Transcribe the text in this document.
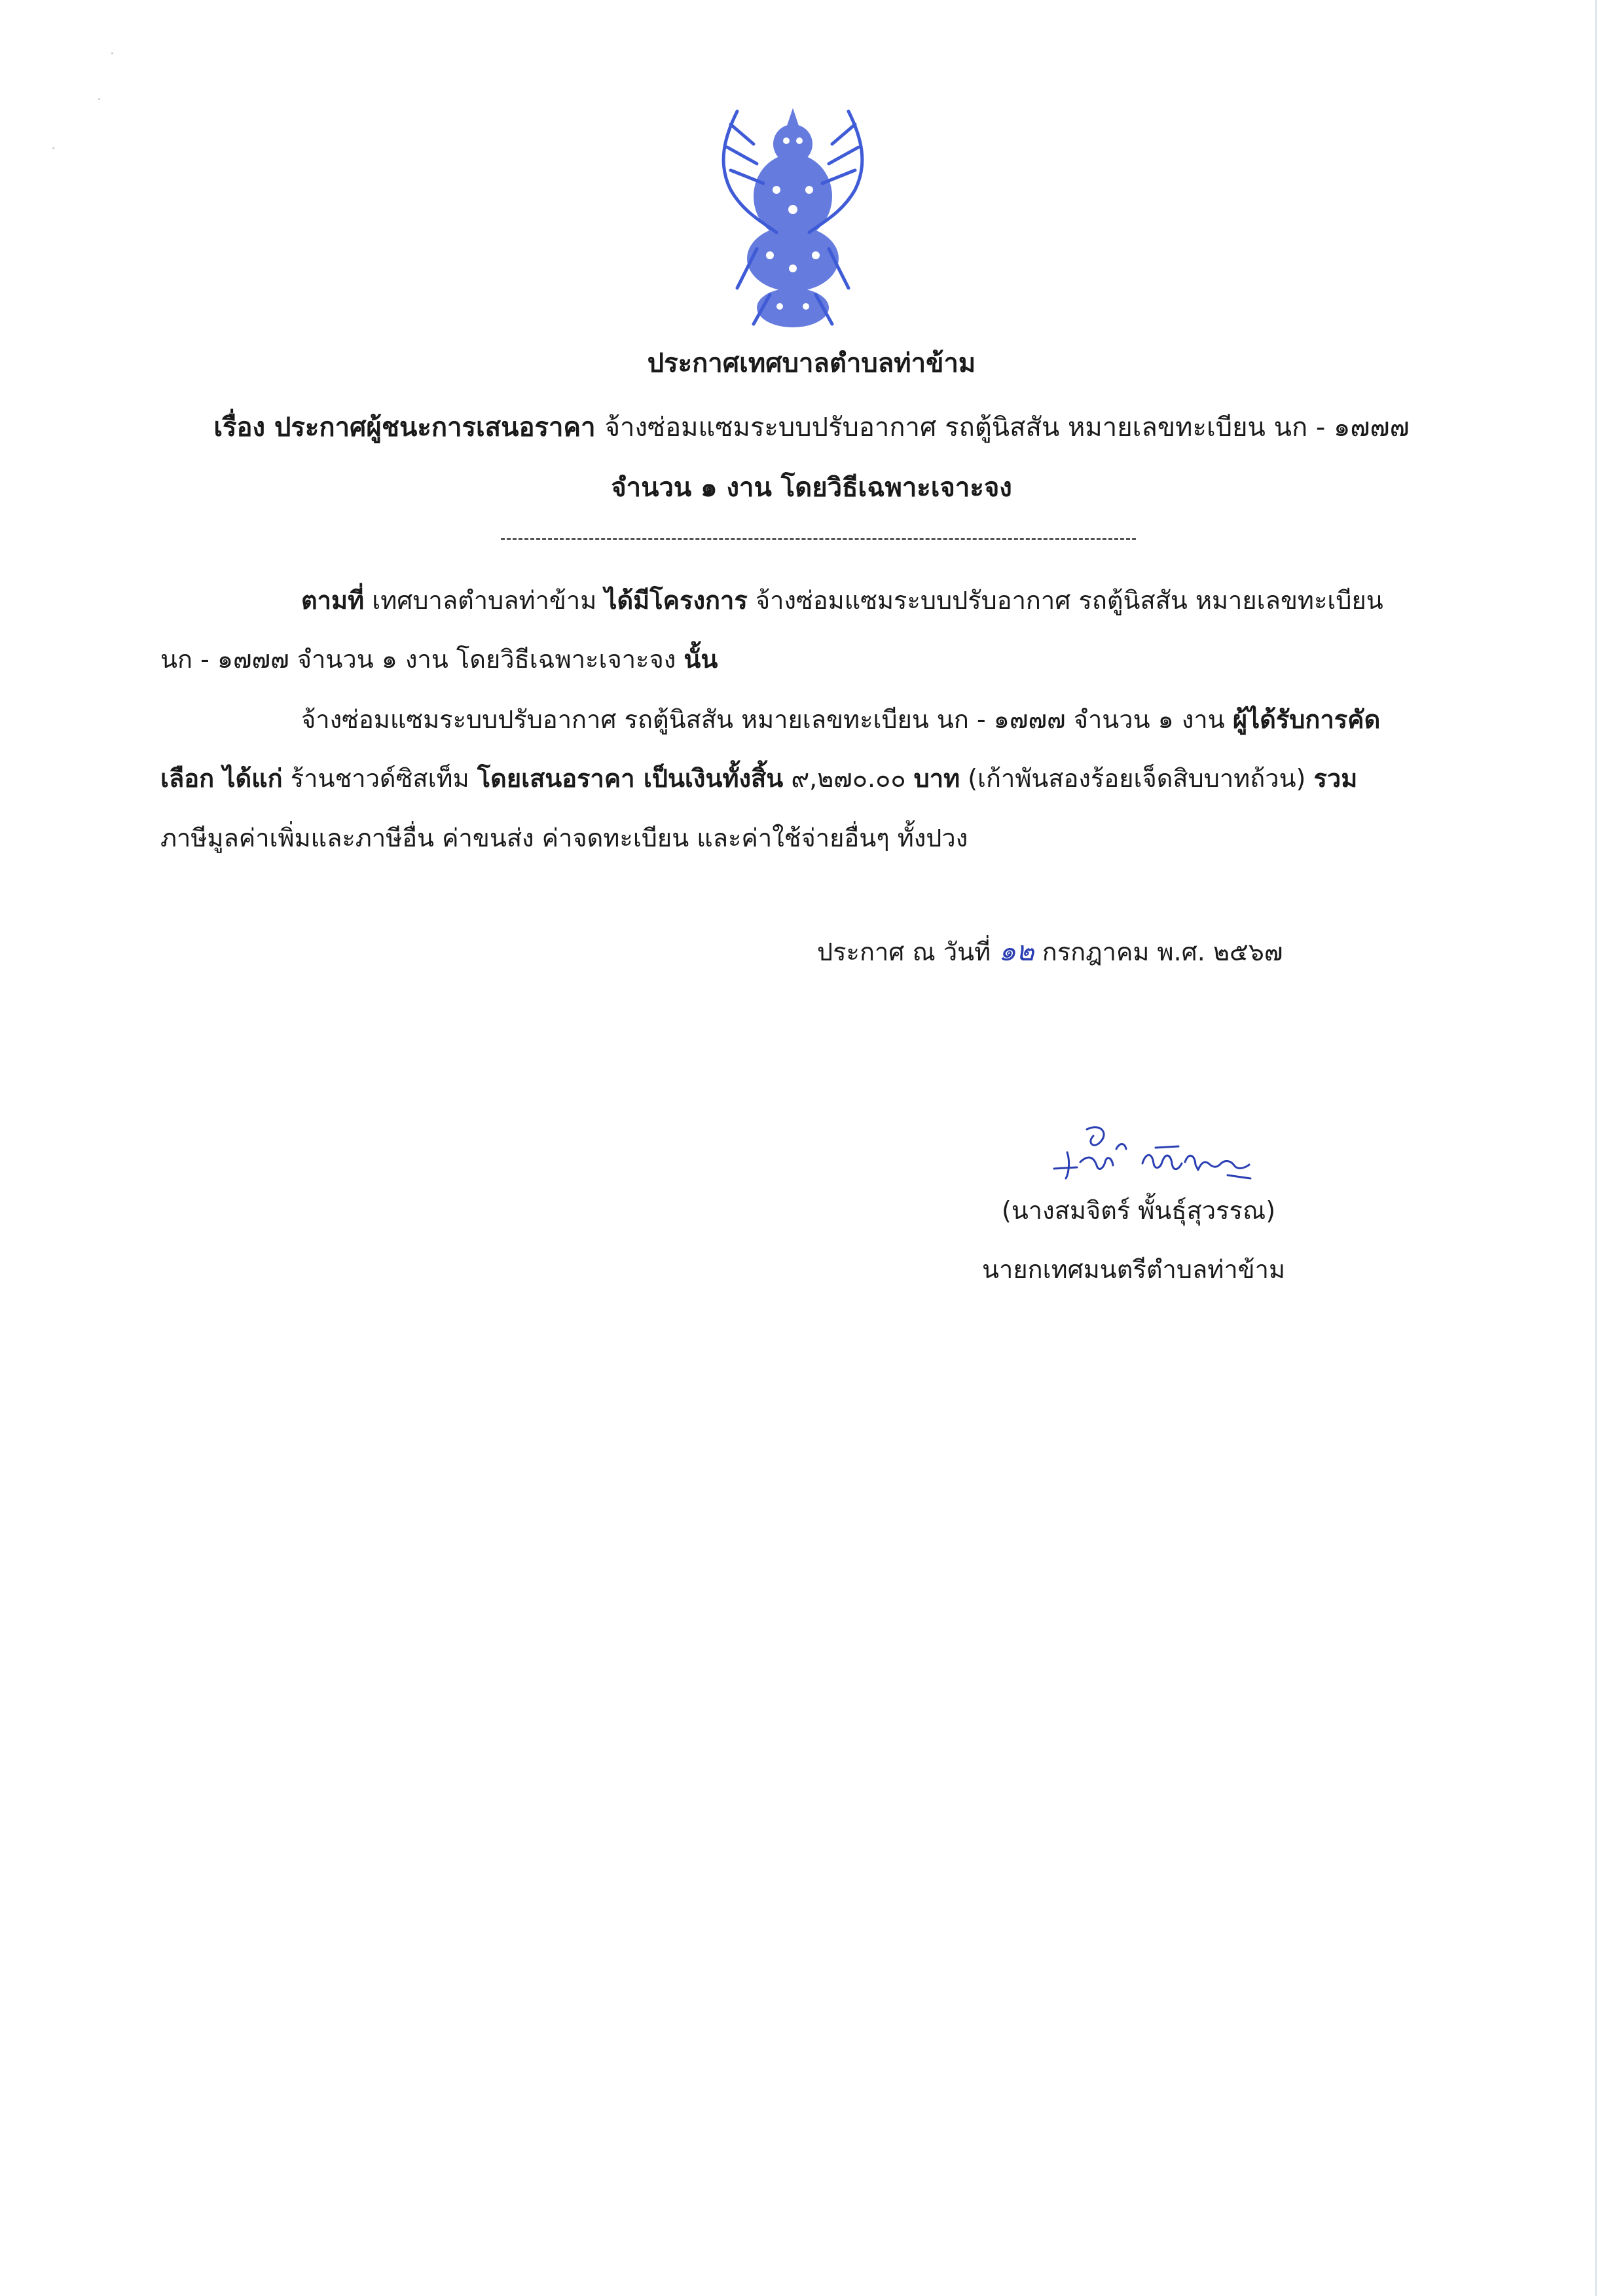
ประกาศเทศบาลตำบลท่าข้าม
เรื่อง ประกาศผู้ชนะการเสนอราคา จ้างซ่อมแซมระบบปรับอากาศ รถตู้นิสสัน หมายเลขทะเบียน นก - ๑๗๗๗
จำนวน ๑ งาน โดยวิธีเฉพาะเจาะจง
ตามที่ เทศบาลตำบลท่าข้าม ได้มีโครงการ จ้างซ่อมแซมระบบปรับอากาศ รถตู้นิสสัน หมายเลขทะเบียน
นก - ๑๗๗๗ จำนวน ๑ งาน โดยวิธีเฉพาะเจาะจง นั้น
จ้างซ่อมแซมระบบปรับอากาศ รถตู้นิสสัน หมายเลขทะเบียน นก - ๑๗๗๗ จำนวน ๑ งาน ผู้ได้รับการคัด
เลือก ได้แก่ ร้านชาวด์ซิสเท็ม โดยเสนอราคา เป็นเงินทั้งสิ้น ๙,๒๗๐.๐๐ บาท (เก้าพันสองร้อยเจ็ดสิบบาทถ้วน) รวม
ภาษีมูลค่าเพิ่มและภาษีอื่น ค่าขนส่ง ค่าจดทะเบียน และค่าใช้จ่ายอื่นๆ ทั้งปวง
ประกาศ ณ วันที่ ๑๒ กรกฎาคม พ.ศ. ๒๕๖๗
(นางสมจิตร์ พั้นธุ์สุวรรณ)
นายกเทศมนตรีตำบลท่าข้าม
